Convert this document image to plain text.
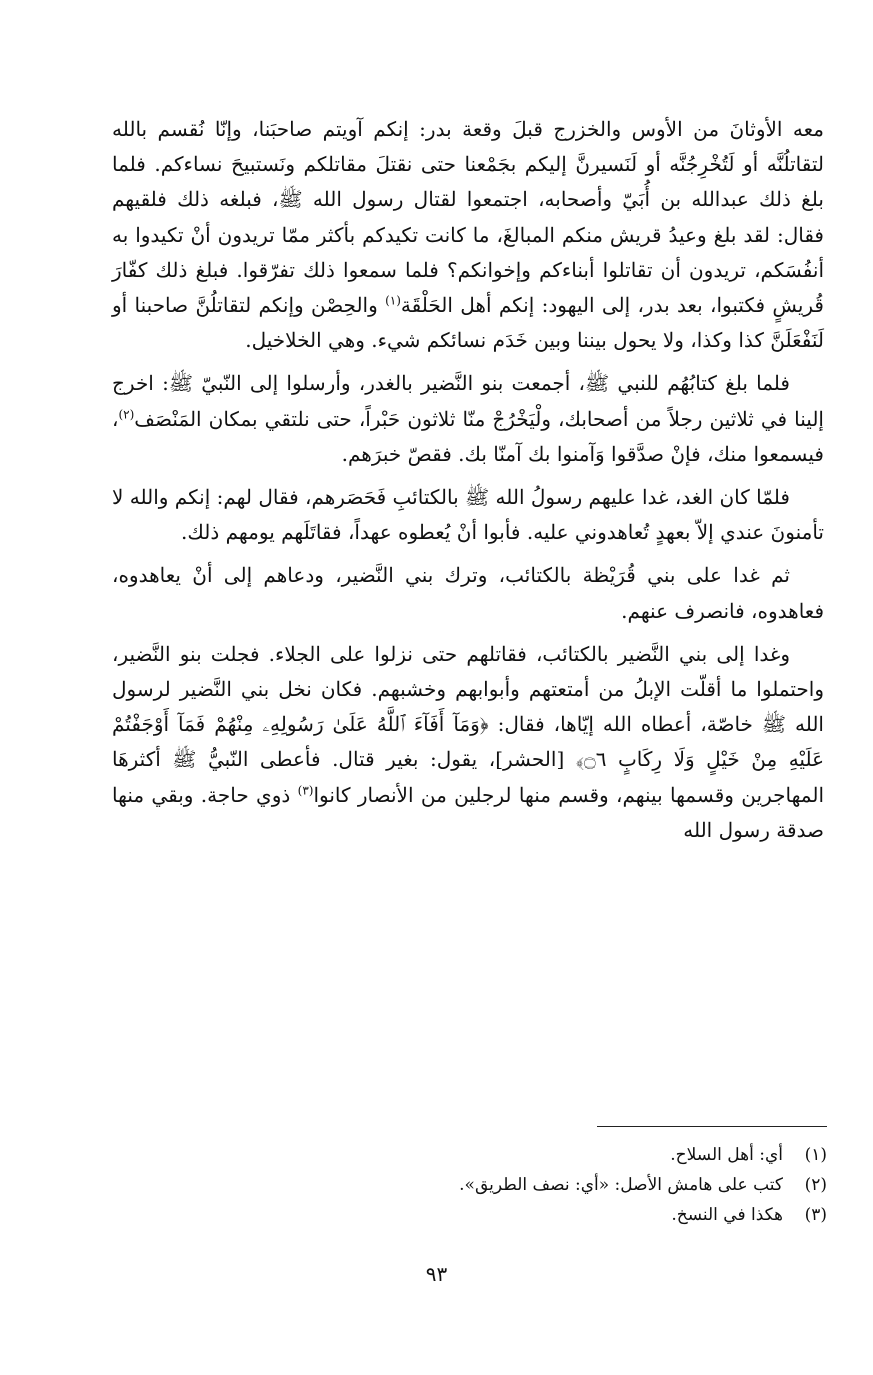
معه الأوثانَ من الأوس والخزرج قبلَ وقعة بدر: إنكم آويتم صاحبَنا، وإنّا نُقسم بالله لتقاتلُنَّه أو لَتُخْرِجُنَّه أو لَنَسيرنَّ إليكم بجَمْعنا حتى نقتلَ مقاتلكم ونَستبيحَ نساءكم. فلما بلغ ذلك عبدالله بن أُبَيّ وأصحابه، اجتمعوا لقتال رسول الله ﷺ، فبلغه ذلك فلقيهم فقال: لقد بلغ وعيدُ قريش منكم المبالغَ، ما كانت تكيدكم بأكثر ممّا تريدون أنْ تكيدوا به أنفُسَكم، تريدون أن تقاتلوا أبناءكم وإخوانكم؟ فلما سمعوا ذلك تفرّقوا. فبلغ ذلك كفّارَ قُريشٍ فكتبوا، بعد بدر، إلى اليهود: إنكم أهل الحَلْقَة$^{(١)}$ والحِصْن وإنكم لتقاتلُنَّ صاحبنا أو لَنَفْعَلَنَّ كذا وكذا، ولا يحول بيننا وبين خَدَم نسائكم شيء. وهي الخلاخيل.

فلما بلغ كتابُهُم للنبي ﷺ، أجمعت بنو النَّضير بالغدر، وأرسلوا إلى النّبيّ ﷺ: اخرج إلينا في ثلاثين رجلاً من أصحابك، ولْيَخْرُجْ منّا ثلاثون حَبْراً، حتى نلتقي بمكان المَنْصَف$^{(٢)}$، فيسمعوا منك، فإنْ صدَّقوا وَآمنوا بك آمنّا بك. فقصّ خبرَهم.

فلمّا كان الغد، غدا عليهم رسولُ الله ﷺ بالكتائبِ فَحَصَرهم، فقال لهم: إنكم والله لا تأمنونَ عندي إلاّ بعهدٍ تُعاهدوني عليه. فأبوا أنْ يُعطوه عهداً، فقاتَلَهم يومهم ذلك.

ثم غدا على بني قُرَيْظة بالكتائب، وترك بني النَّضير، ودعاهم إلى أنْ يعاهدوه، فعاهدوه، فانصرف عنهم.

وغدا إلى بني النَّضير بالكتائب، فقاتلهم حتى نزلوا على الجلاء. فجلت بنو النَّضير، واحتملوا ما أقلّت الإبلُ من أمتعتهم وأبوابهم وخشبهم. فكان نخل بني النَّضير لرسول الله ﷺ خاصّة، أعطاه الله إيّاها، فقال: ﴿وَمَآ أَفَآءَ ٱللَّهُ عَلَىٰ رَسُولِهِۦ مِنْهُمْ فَمَآ أَوْجَفْتُمْ عَلَيْهِ مِنْ خَيْلٍ وَلَا رِكَابٍ ۝٦﴾ [الحشر]، يقول: بغير قتال. فأعطى النّبيُّ ﷺ أكثرهَا المهاجرين وقسمها بينهم، وقسم منها لرجلين من الأنصار كانوا$^{(٣)}$ ذوي حاجة. وبقي منها صدقة رسول الله

(١)أي: أهل السلاح.
(٢)كتب على هامش الأصل: «أي: نصف الطريق».
(٣)هكذا في النسخ.
٩٣
